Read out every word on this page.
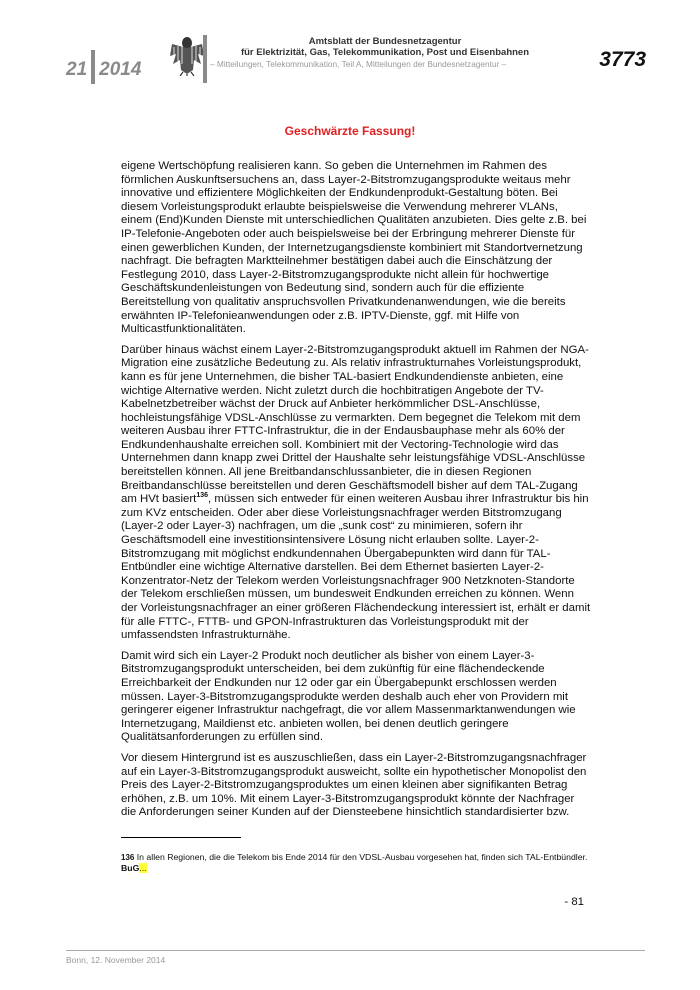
21 2014
Amtsblatt der Bundesnetzagentur
für Elektrizität, Gas, Telekommunikation, Post und Eisenbahnen
– Mitteilungen, Telekommunikation, Teil A, Mitteilungen der Bundesnetzagentur –	3773
Geschwärzte Fassung!

eigene Wertschöpfung realisieren kann. So geben die Unternehmen im Rahmen des förmlichen Auskunftsersuchens an, dass Layer-2-Bitstromzugangsprodukte weitaus mehr innovative und effizientere Möglichkeiten der Endkundenprodukt-Gestaltung böten. Bei diesem Vorleistungsprodukt erlaubte beispielsweise die Verwendung mehrerer VLANs, einem (End)Kunden Dienste mit unterschiedlichen Qualitäten anzubieten. Dies gelte z.B. bei IP-Telefonie-Angeboten oder auch beispielsweise bei der Erbringung mehrerer Dienste für einen gewerblichen Kunden, der Internetzugangsdienste kombiniert mit Standortvernetzung nachfragt. Die befragten Marktteilnehmer bestätigen dabei auch die Einschätzung der Festlegung 2010, dass Layer-2-Bitstromzugangsprodukte nicht allein für hochwertige Geschäftskundenleistungen von Bedeutung sind, sondern auch für die effiziente Bereitstellung von qualitativ anspruchsvollen Privatkundenanwendungen, wie die bereits erwähnten IP-Telefonieanwendungen oder z.B. IPTV-Dienste, ggf. mit Hilfe von Multicastfunktionalitäten.

Darüber hinaus wächst einem Layer-2-Bitstromzugangsprodukt aktuell im Rahmen der NGA-Migration eine zusätzliche Bedeutung zu. Als relativ infrastrukturnahes Vorleistungsprodukt, kann es für jene Unternehmen, die bisher TAL-basiert Endkundendienste anbieten, eine wichtige Alternative werden. Nicht zuletzt durch die hochbitratigen Angebote der TV-Kabelnetzbetreiber wächst der Druck auf Anbieter herkömmlicher DSL-Anschlüsse, hochleistungsfähige VDSL-Anschlüsse zu vermarkten. Dem begegnet die Telekom mit dem weiteren Ausbau ihrer FTTC-Infrastruktur, die in der Endausbauphase mehr als 60% der Endkundenhaushalte erreichen soll. Kombiniert mit der Vectoring-Technologie wird das Unternehmen dann knapp zwei Drittel der Haushalte sehr leistungsfähige VDSL-Anschlüsse bereitstellen können. All jene Breitbandanschlussanbieter, die in diesen Regionen Breitbandanschlüsse bereitstellen und deren Geschäftsmodell bisher auf dem TAL-Zugang am HVt basiert$^{136}$, müssen sich entweder für einen weiteren Ausbau ihrer Infrastruktur bis hin zum KVz entscheiden. Oder aber diese Vorleistungsnachfrager werden Bitstromzugang (Layer-2 oder Layer-3) nachfragen, um die „sunk cost“ zu minimieren, sofern ihr Geschäftsmodell eine investitionsintensivere Lösung nicht erlauben sollte. Layer-2-Bitstromzugang mit möglichst endkundennahen Übergabepunkten wird dann für TAL-Entbündler eine wichtige Alternative darstellen. Bei dem Ethernet basierten Layer-2-Konzentrator-Netz der Telekom werden Vorleistungsnachfrager 900 Netzknoten-Standorte der Telekom erschließen müssen, um bundesweit Endkunden erreichen zu können. Wenn der Vorleistungsnachfrager an einer größeren Flächendeckung interessiert ist, erhält er damit für alle FTTC-, FTTB- und GPON-Infrastrukturen das Vorleistungsprodukt mit der umfassendsten Infrastrukturnähe.

Damit wird sich ein Layer-2 Produkt noch deutlicher als bisher von einem Layer-3-Bitstromzugangsprodukt unterscheiden, bei dem zukünftig für eine flächendeckende Erreichbarkeit der Endkunden nur 12 oder gar ein Übergabepunkt erschlossen werden müssen. Layer-3-Bitstromzugangsprodukte werden deshalb auch eher von Providern mit geringerer eigener Infrastruktur nachgefragt, die vor allem Massenmarktanwendungen wie Internetzugang, Maildienst etc. anbieten wollen, bei denen deutlich geringere Qualitätsanforderungen zu erfüllen sind.

Vor diesem Hintergrund ist es auszuschließen, dass ein Layer-2-Bitstromzugangsnachfrager auf ein Layer-3-Bitstromzugangsprodukt ausweicht, sollte ein hypothetischer Monopolist den Preis des Layer-2-Bitstromzugangsproduktes um einen kleinen aber signifikanten Betrag erhöhen, z.B. um 10%. Mit einem Layer-3-Bitstromzugangsprodukt könnte der Nachfrager die Anforderungen seiner Kunden auf der Diensteebene hinsichtlich standardisierter bzw.

136 In allen Regionen, die die Telekom bis Ende 2014 für den VDSL-Ausbau vorgesehen hat, finden sich TAL-Entbündler. BuG...
- 81
Bonn, 12. November 2014
